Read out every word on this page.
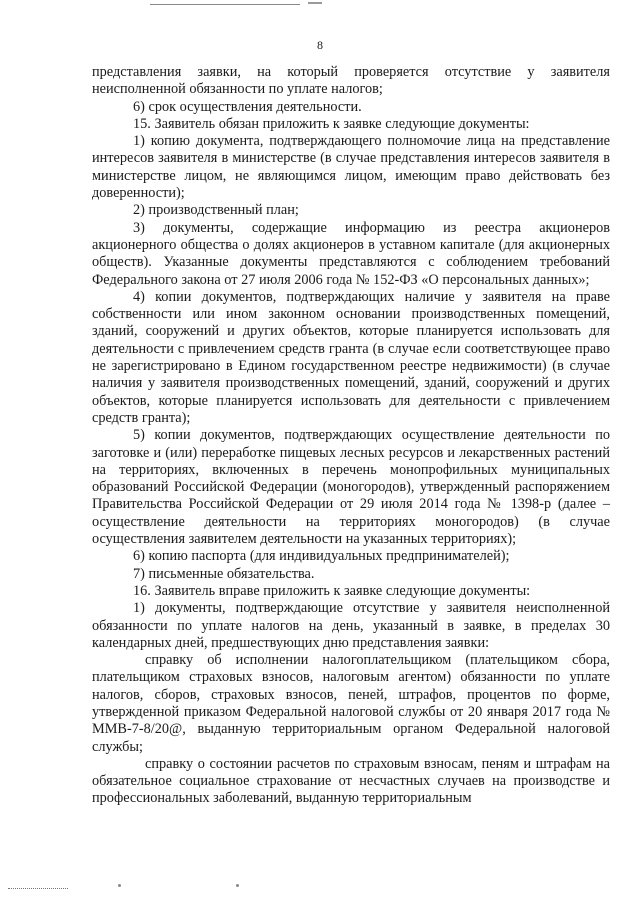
8

представления заявки, на который проверяется отсутствие у заявителя неисполненной обязанности по уплате налогов;

6) срок осуществления деятельности.

15. Заявитель обязан приложить к заявке следующие документы:

1) копию документа, подтверждающего полномочие лица на представление интересов заявителя в министерстве (в случае представления интересов заявителя в министерстве лицом, не являющимся лицом, имеющим право действовать без доверенности);

2) производственный план;

3) документы, содержащие информацию из реестра акционеров акционерного общества о долях акционеров в уставном капитале (для акционерных обществ). Указанные документы представляются с соблюдением требований Федерального закона от 27 июля 2006 года № 152-ФЗ «О персональных данных»;

4) копии документов, подтверждающих наличие у заявителя на праве собственности или ином законном основании производственных помещений, зданий, сооружений и других объектов, которые планируется использовать для деятельности с привлечением средств гранта (в случае если соответствующее право не зарегистрировано в Едином государственном реестре недвижимости) (в случае наличия у заявителя производственных помещений, зданий, сооружений и других объектов, которые планируется использовать для деятельности с привлечением средств гранта);

5) копии документов, подтверждающих осуществление деятельности по заготовке и (или) переработке пищевых лесных ресурсов и лекарственных растений на территориях, включенных в перечень монопрофильных муниципальных образований Российской Федерации (моногородов), утвержденный распоряжением Правительства Российской Федерации от 29 июля 2014 года № 1398-р (далее – осуществление деятельности на территориях моногородов) (в случае осуществления заявителем деятельности на указанных территориях);

6) копию паспорта (для индивидуальных предпринимателей);

7) письменные обязательства.

16. Заявитель вправе приложить к заявке следующие документы:

1) документы, подтверждающие отсутствие у заявителя неисполненной обязанности по уплате налогов на день, указанный в заявке, в пределах 30 календарных дней, предшествующих дню представления заявки:

справку об исполнении налогоплательщиком (плательщиком сбора, плательщиком страховых взносов, налоговым агентом) обязанности по уплате налогов, сборов, страховых взносов, пеней, штрафов, процентов по форме, утвержденной приказом Федеральной налоговой службы от 20 января 2017 года № ММВ-7-8/20@, выданную территориальным органом Федеральной налоговой службы;

справку о состоянии расчетов по страховым взносам, пеням и штрафам на обязательное социальное страхование от несчастных случаев на производстве и профессиональных заболеваний, выданную территориальным
